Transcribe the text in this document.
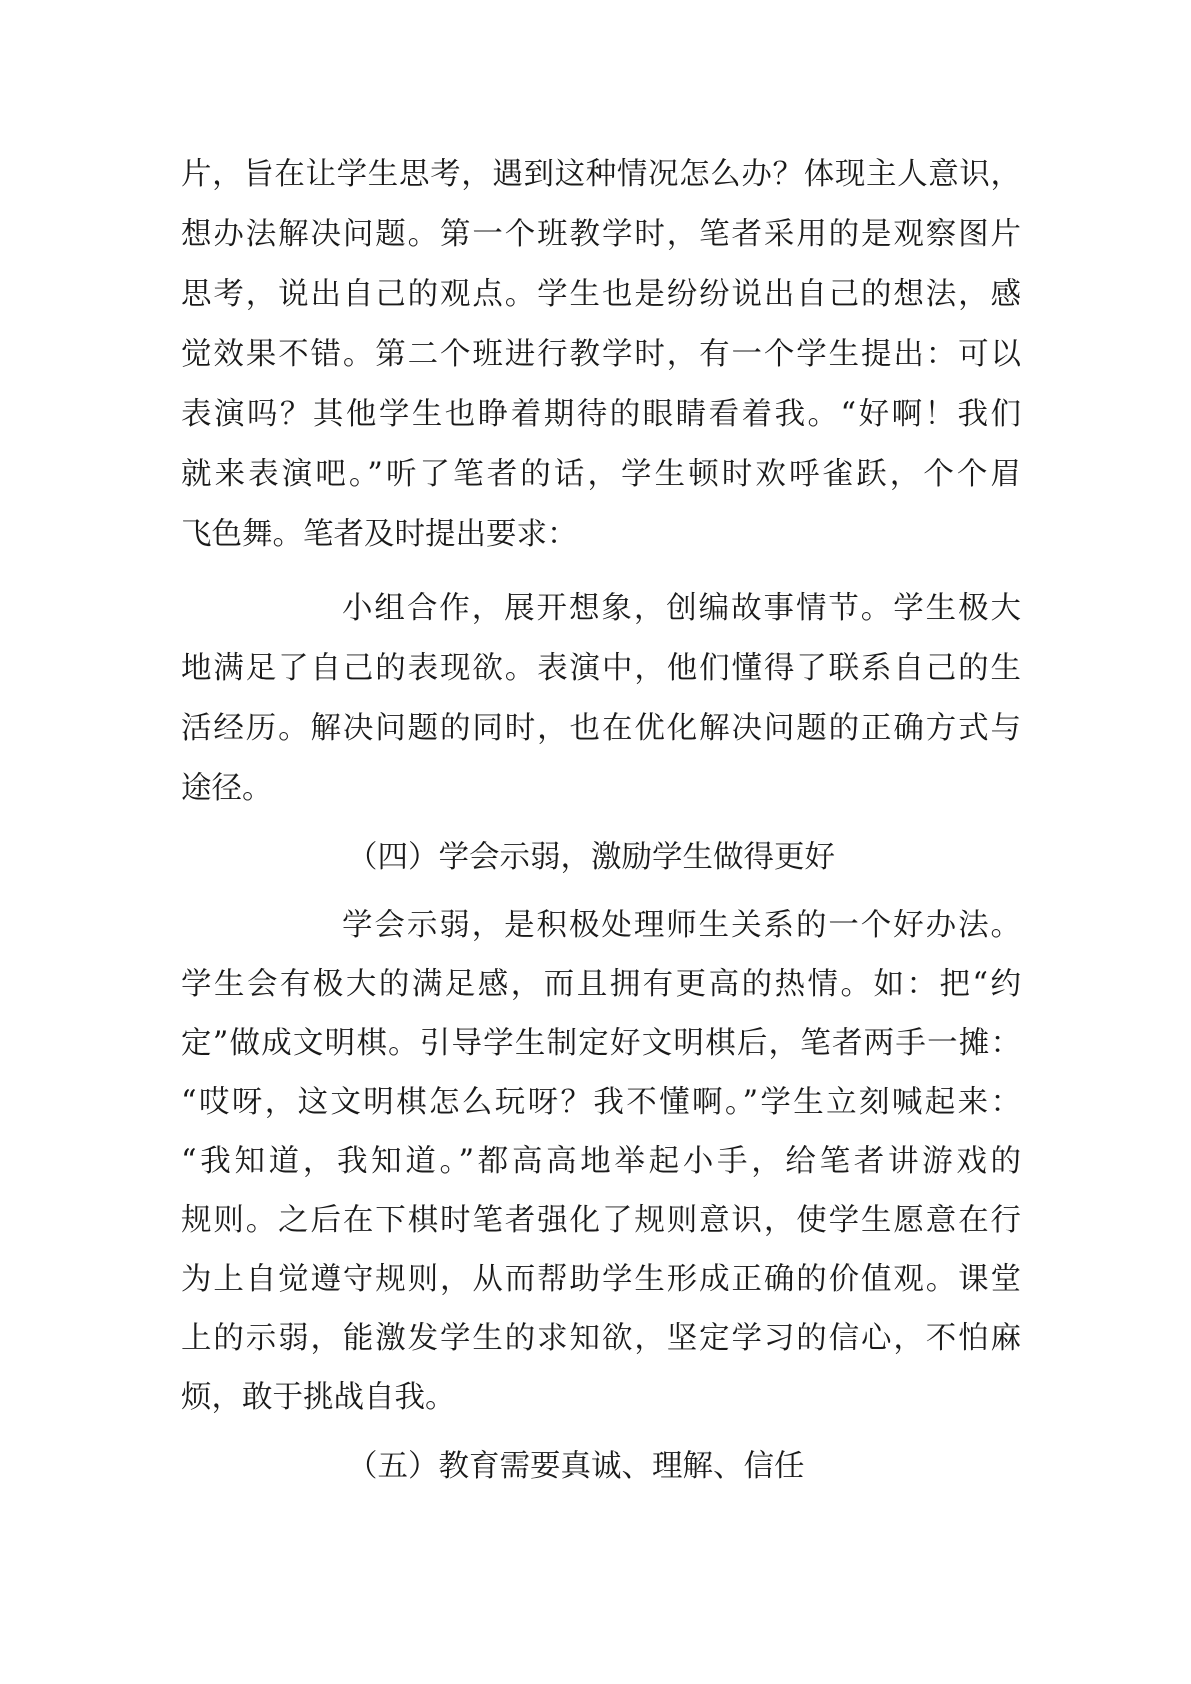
片，旨在让学生思考，遇到这种情况怎么办？体现主人意识，
想办法解决问题。第一个班教学时，笔者采用的是观察图片
思考，说出自己的观点。学生也是纷纷说出自己的想法，感
觉效果不错。第二个班进行教学时，有一个学生提出：可以
表演吗？其他学生也睁着期待的眼睛看着我。“好啊！我们
就来表演吧。”听了笔者的话，学生顿时欢呼雀跃，个个眉
飞色舞。笔者及时提出要求：
小组合作，展开想象，创编故事情节。学生极大
地满足了自己的表现欲。表演中，他们懂得了联系自己的生
活经历。解决问题的同时，也在优化解决问题的正确方式与
途径。
（四）学会示弱，激励学生做得更好
学会示弱，是积极处理师生关系的一个好办法。
学生会有极大的满足感，而且拥有更高的热情。如：把“约
定”做成文明棋。引导学生制定好文明棋后，笔者两手一摊：
“哎呀，这文明棋怎么玩呀？我不懂啊。”学生立刻喊起来：
“我知道，我知道。”都高高地举起小手，给笔者讲游戏的
规则。之后在下棋时笔者强化了规则意识，使学生愿意在行
为上自觉遵守规则，从而帮助学生形成正确的价值观。课堂
上的示弱，能激发学生的求知欲，坚定学习的信心，不怕麻
烦，敢于挑战自我。
（五）教育需要真诚、理解、信任
